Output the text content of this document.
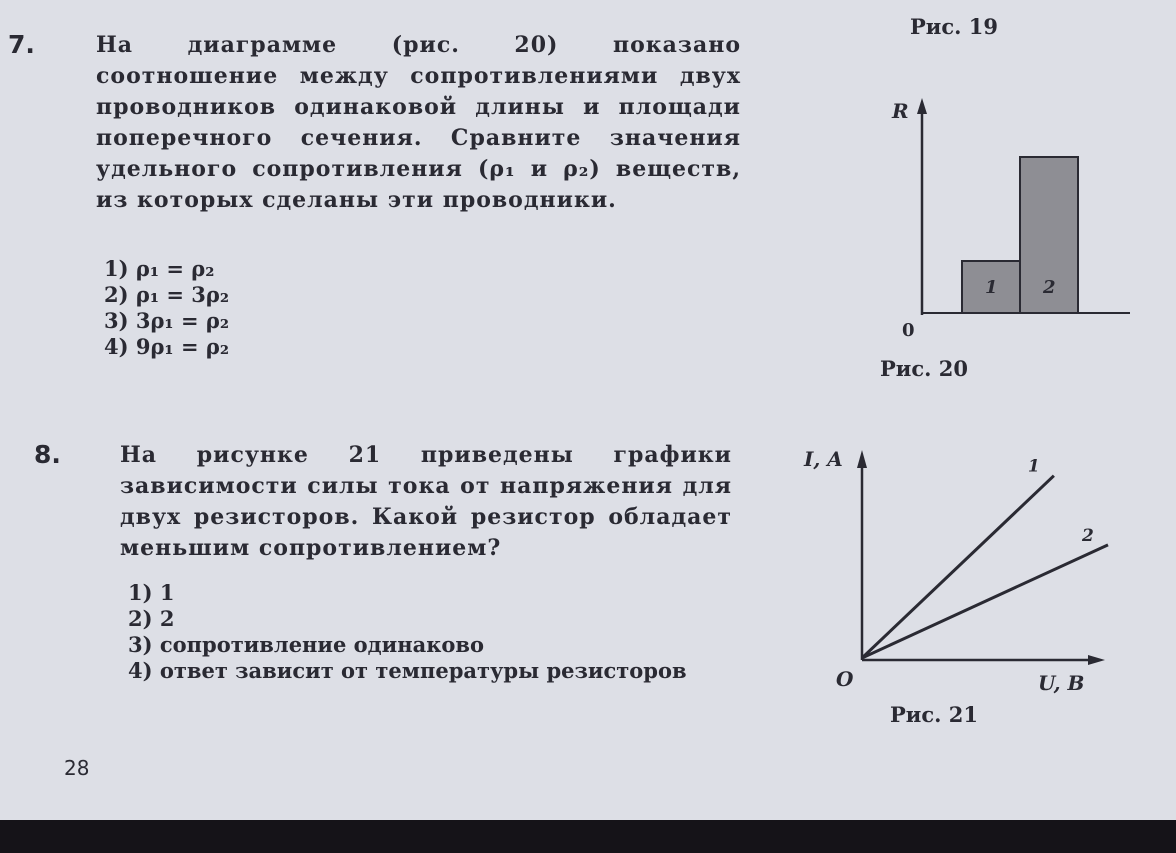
7.	На диаграмме (рис. 20) показано соотношение между сопротивлениями двух проводников одинаковой длины и площади поперечного сечения. Сравните значения удельного сопротивления (ρ₁ и ρ₂) веществ, из которых сделаны эти проводники.
1) ρ₁ = ρ₂
2) ρ₁ = 3ρ₂
3) 3ρ₁ = ρ₂
4) 9ρ₁ = ρ₂
Рис. 19
R
0
1	2
Рис. 20
8.	На рисунке 21 приведены графики зависимости силы тока от напряжения для двух резисторов. Какой резистор обладает меньшим сопротивлением?
1) 1
2) 2
3) сопротивление одинаково
4) ответ зависит от температуры резисторов
I, A
O	U, B
1
2
Рис. 21
28
